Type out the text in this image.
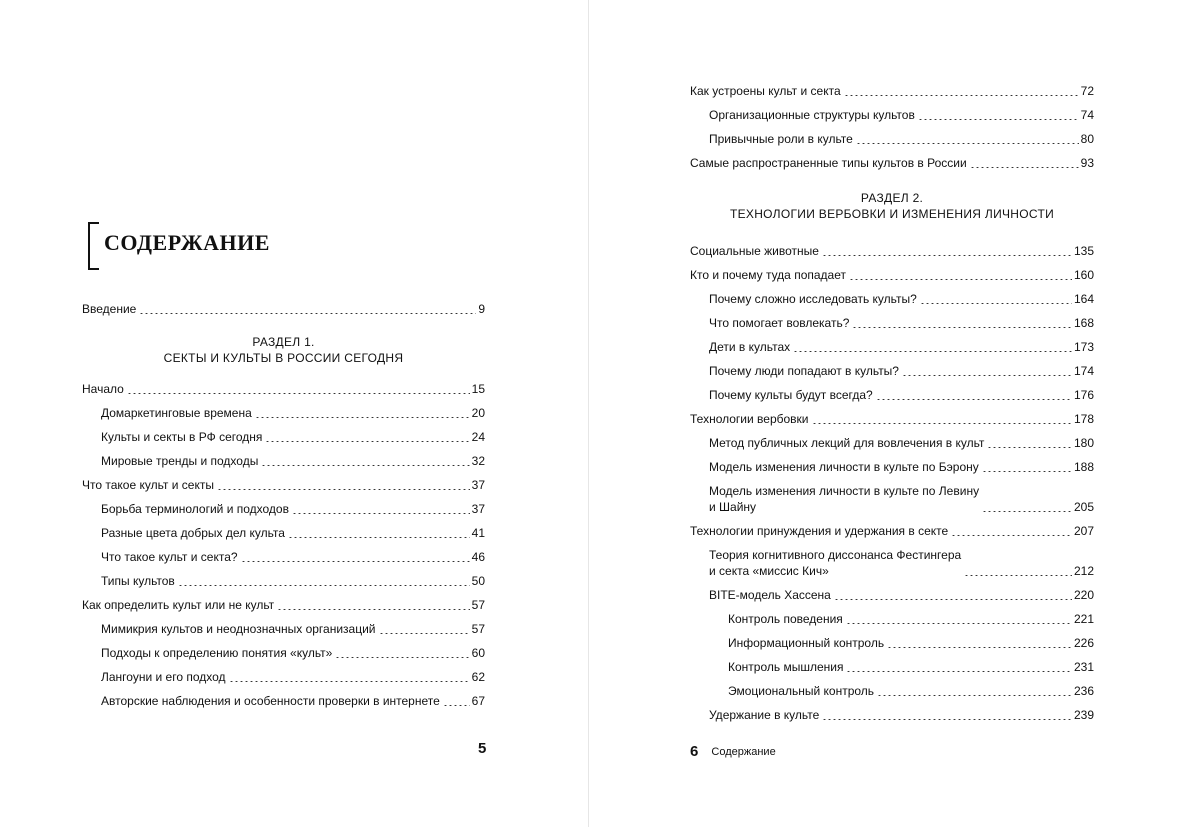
СОДЕРЖАНИЕ
Введение	9
РАЗДЕЛ 1.
СЕКТЫ И КУЛЬТЫ В РОССИИ СЕГОДНЯ
Начало	15
Домаркетинговые времена	20
Культы и секты в РФ сегодня	24
Мировые тренды и подходы	32
Что такое культ и секты	37
Борьба терминологий и подходов	37
Разные цвета добрых дел культа	41
Что такое культ и секта?	46
Типы культов	50
Как определить культ или не культ	57
Мимикрия культов и неоднозначных организаций	57
Подходы к определению понятия «культ»	60
Лангоуни и его подход	62
Авторские наблюдения и особенности проверки в интернете	67
5
Как устроены культ и секта	72
Организационные структуры культов	74
Привычные роли в культе	80
Самые распространенные типы культов в России	93
РАЗДЕЛ 2.
ТЕХНОЛОГИИ ВЕРБОВКИ И ИЗМЕНЕНИЯ ЛИЧНОСТИ
Социальные животные	135
Кто и почему туда попадает	160
Почему сложно исследовать культы?	164
Что помогает вовлекать?	168
Дети в культах	173
Почему люди попадают в культы?	174
Почему культы будут всегда?	176
Технологии вербовки	178
Метод публичных лекций для вовлечения в культ	180
Модель изменения личности в культе по Бэрону	188
Модель изменения личности в культе по Левину
и Шайну	205
Технологии принуждения и удержания в секте	207
Теория когнитивного диссонанса Фестингера
и секта «миссис Кич»	212
BITE-модель Хассена	220
Контроль поведения	221
Информационный контроль	226
Контроль мышления	231
Эмоциональный контроль	236
Удержание в культе	239
6 Содержание
